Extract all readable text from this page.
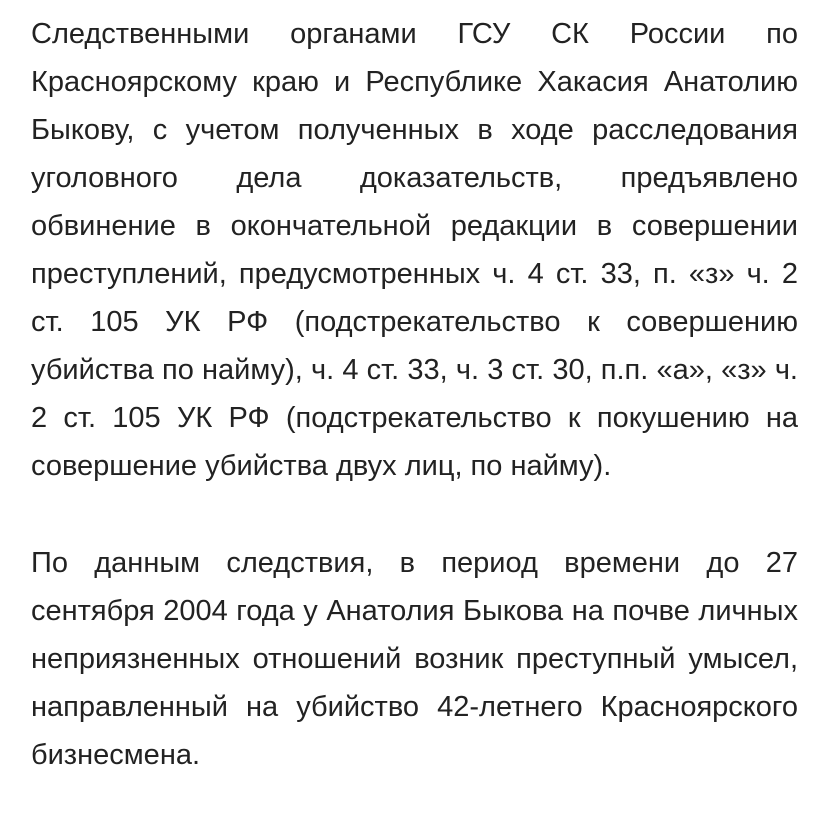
Следственными органами ГСУ СК России по Красноярскому краю и Республике Хакасия Анатолию Быкову, с учетом полученных в ходе расследования уголовного дела доказательств, предъявлено обвинение в окончательной редакции в совершении преступлений, предусмотренных ч. 4 ст. 33, п. «з» ч. 2 ст. 105 УК РФ (подстрекательство к совершению убийства по найму), ч. 4 ст. 33, ч. 3 ст. 30, п.п. «а», «з» ч. 2 ст. 105 УК РФ (подстрекательство к покушению на совершение убийства двух лиц, по найму).

По данным следствия, в период времени до 27 сентября 2004 года у Анатолия Быкова на почве личных неприязненных отношений возник преступный умысел, направленный на убийство 42-летнего Красноярского бизнесмена.
